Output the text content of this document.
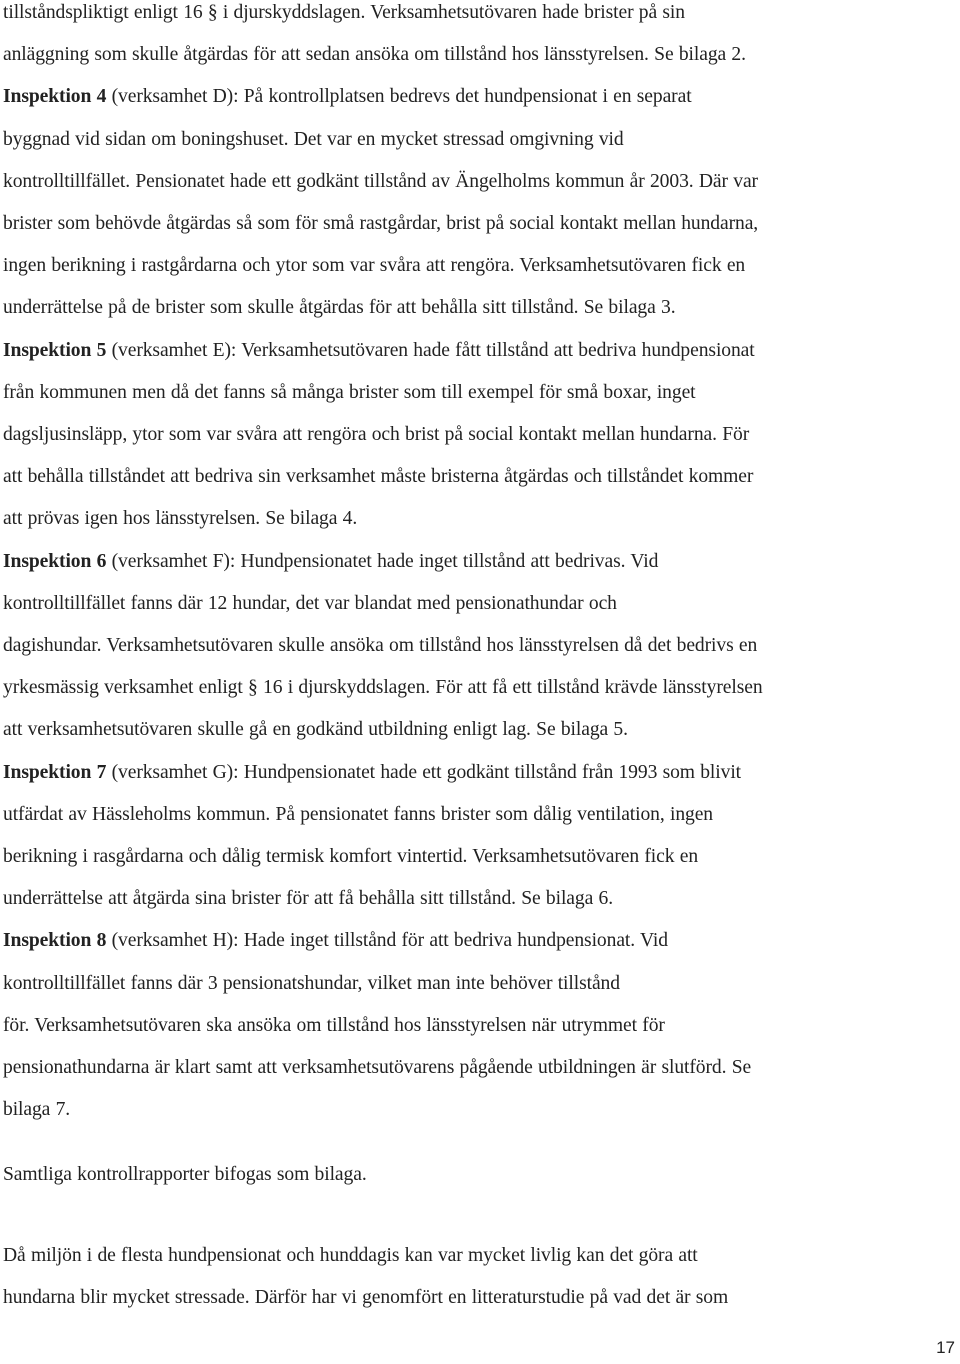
tillståndspliktigt enligt 16 § i djurskyddslagen. Verksamhetsutövaren hade brister på sin
anläggning som skulle åtgärdas för att sedan ansöka om tillstånd hos länsstyrelsen. Se bilaga 2.
Inspektion 4 (verksamhet D): På kontrollplatsen bedrevs det hundpensionat i en separat
byggnad vid sidan om boningshuset. Det var en mycket stressad omgivning vid
kontrolltillfället. Pensionatet hade ett godkänt tillstånd av Ängelholms kommun år 2003. Där var
brister som behövde åtgärdas så som för små rastgårdar, brist på social kontakt mellan hundarna,
ingen berikning i rastgårdarna och ytor som var svåra att rengöra. Verksamhetsutövaren fick en
underrättelse på de brister som skulle åtgärdas för att behålla sitt tillstånd. Se bilaga 3.
Inspektion 5 (verksamhet E): Verksamhetsutövaren hade fått tillstånd att bedriva hundpensionat
från kommunen men då det fanns så många brister som till exempel för små boxar, inget
dagsljusinsläpp, ytor som var svåra att rengöra och brist på social kontakt mellan hundarna. För
att behålla tillståndet att bedriva sin verksamhet måste bristerna åtgärdas och tillståndet kommer
att prövas igen hos länsstyrelsen. Se bilaga 4.
Inspektion 6 (verksamhet F): Hundpensionatet hade inget tillstånd att bedrivas. Vid
kontrolltillfället fanns där 12 hundar, det var blandat med pensionathundar och
dagishundar. Verksamhetsutövaren skulle ansöka om tillstånd hos länsstyrelsen då det bedrivs en
yrkesmässig verksamhet enligt § 16 i djurskyddslagen. För att få ett tillstånd krävde länsstyrelsen
att verksamhetsutövaren skulle gå en godkänd utbildning enligt lag. Se bilaga 5.
Inspektion 7 (verksamhet G): Hundpensionatet hade ett godkänt tillstånd från 1993 som blivit
utfärdat av Hässleholms kommun. På pensionatet fanns brister som dålig ventilation, ingen
berikning i rasgårdarna och dålig termisk komfort vintertid. Verksamhetsutövaren fick en
underrättelse att åtgärda sina brister för att få behålla sitt tillstånd. Se bilaga 6.
Inspektion 8 (verksamhet H): Hade inget tillstånd för att bedriva hundpensionat. Vid
kontrolltillfället fanns där 3 pensionatshundar, vilket man inte behöver tillstånd
för. Verksamhetsutövaren ska ansöka om tillstånd hos länsstyrelsen när utrymmet för
pensionathundarna är klart samt att verksamhetsutövarens pågående utbildningen är slutförd. Se
bilaga 7.
Samtliga kontrollrapporter bifogas som bilaga.
Då miljön i de flesta hundpensionat och hunddagis kan var mycket livlig kan det göra att
hundarna blir mycket stressade. Därför har vi genomfört en litteraturstudie på vad det är som
17
